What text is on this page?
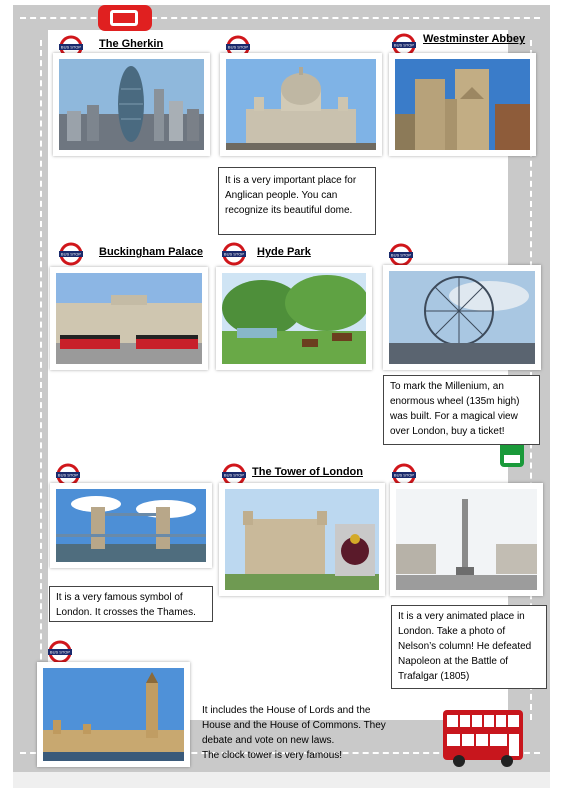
BUS STOP	BUS STOP	BUS STOP
BUS STOP	BUS STOP	BUS STOP
BUS STOP	BUS STOP	BUS STOP
BUS STOP
The Gherkin	Westminster Abbey
Buckingham Palace	Hyde Park
The Tower of London
It is a very important place for
Anglican people. You can
recognize its beautiful dome.
To mark the Millenium, an
enormous wheel (135m high)
was built. For a magical view
over London, buy a ticket!
It is a very famous symbol of
London. It crosses the Thames.	It is a very animated place in
London. Take a photo of
Nelson’s column! He defeated
Napoleon at the Battle of
Trafalgar (1805)
It includes the House of Lords and the
House and the House of Commons. They
debate and vote on new laws.
The clock tower is very famous!
